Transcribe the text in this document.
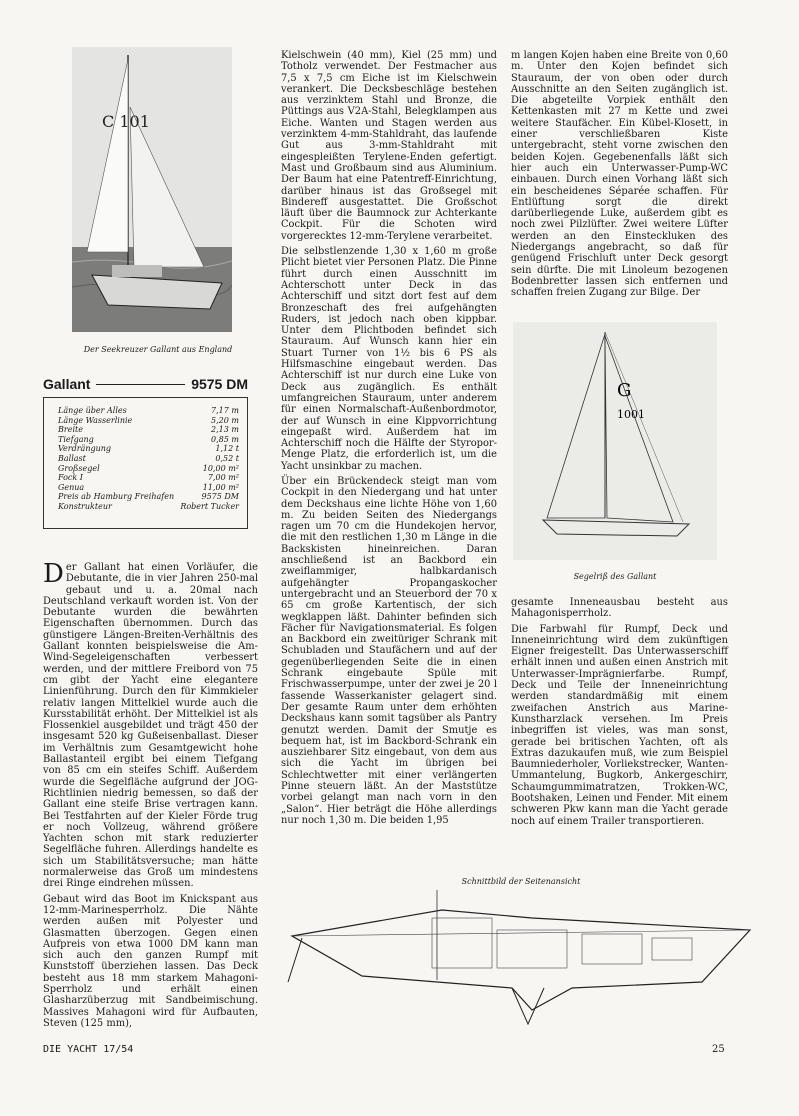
C 101
Der Seekreuzer Gallant aus England
Gallant	9575 DM
Länge über Alles	7,17 m
Länge Wasserlinie	5,20 m
Breite	2,13 m
Tiefgang	0,85 m
Verdrängung	1,12 t
Ballast	0,52 t
Großsegel	10,00 m²
Fock I	7,00 m²
Genua	11,00 m²
Preis ab Hamburg Freihafen	9575 DM
Konstrukteur	Robert Tucker

Der Gallant hat einen Vorläufer, die Debutante, die in vier Jahren 250-mal gebaut und u. a. 20mal nach Deutschland verkauft worden ist. Von der Debutante wurden die bewährten Eigenschaften übernommen. Durch das günstigere Längen-Breiten-Verhältnis des Gallant konnten beispielsweise die Am-Wind-Segeleigenschaften verbessert werden, und der mittlere Freibord von 75 cm gibt der Yacht eine elegantere Linienführung. Durch den für Kimmkieler relativ langen Mittelkiel wurde auch die Kursstabilität erhöht. Der Mittelkiel ist als Flossenkiel ausgebildet und trägt 450 der insgesamt 520 kg Gußeisenballast. Dieser im Verhältnis zum Gesamtgewicht hohe Ballastanteil ergibt bei einem Tiefgang von 85 cm ein steifes Schiff. Außerdem wurde die Segelfläche aufgrund der JOG-Richtlinien niedrig bemessen, so daß der Gallant eine steife Brise vertragen kann. Bei Testfahrten auf der Kieler Förde trug er noch Vollzeug, während größere Yachten schon mit stark reduzierter Segelfläche fuhren. Allerdings handelte es sich um Stabilitätsversuche; man hätte normalerweise das Groß um mindestens drei Ringe eindrehen müssen.

Gebaut wird das Boot im Knickspant aus 12-mm-Marinesperrholz. Die Nähte werden außen mit Polyester und Glasmatten überzogen. Gegen einen Aufpreis von etwa 1000 DM kann man sich auch den ganzen Rumpf mit Kunststoff überziehen lassen. Das Deck besteht aus 18 mm starkem Mahagoni-Sperrholz und erhält einen Glasharzüberzug mit Sandbeimischung. Massives Mahagoni wird für Aufbauten, Steven (125 mm),

Kielschwein (40 mm), Kiel (25 mm) und Totholz verwendet. Der Festmacher aus 7,5 x 7,5 cm Eiche ist im Kielschwein verankert. Die Decksbeschläge bestehen aus verzinktem Stahl und Bronze, die Püttings aus V2A-Stahl, Belegklampen aus Eiche. Wanten und Stagen werden aus verzinktem 4-mm-Stahldraht, das laufende Gut aus 3-mm-Stahldraht mit eingespleißten Terylene-Enden gefertigt. Mast und Großbaum sind aus Aluminium. Der Baum hat eine Patentreff-Einrichtung, darüber hinaus ist das Großsegel mit Bindereff ausgestattet. Die Großschot läuft über die Baumnock zur Achterkante Cockpit. Für die Schoten wird vorgerecktes 12-mm-Terylene verarbeitet.

Die selbstlenzende 1,30 x 1,60 m große Plicht bietet vier Personen Platz. Die Pinne führt durch einen Ausschnitt im Achterschott unter Deck in das Achterschiff und sitzt dort fest auf dem Bronzeschaft des frei aufgehängten Ruders, ist jedoch nach oben kippbar. Unter dem Plichtboden befindet sich Stauraum. Auf Wunsch kann hier ein Stuart Turner von 1½ bis 6 PS als Hilfsmaschine eingebaut werden. Das Achterschiff ist nur durch eine Luke von Deck aus zugänglich. Es enthält umfangreichen Stauraum, unter anderem für einen Normalschaft-Außenbordmotor, der auf Wunsch in eine Kippvorrichtung eingepaßt wird. Außerdem hat im Achterschiff noch die Hälfte der Styropor-Menge Platz, die erforderlich ist, um die Yacht unsinkbar zu machen.

Über ein Brückendeck steigt man vom Cockpit in den Niedergang und hat unter dem Deckshaus eine lichte Höhe von 1,60 m. Zu beiden Seiten des Niedergangs ragen um 70 cm die Hundekojen hervor, die mit den restlichen 1,30 m Länge in die Backskisten hineinreichen. Daran anschließend ist an Backbord ein zweiflammiger, halbkardanisch aufgehängter Propangaskocher untergebracht und an Steuerbord der 70 x 65 cm große Kartentisch, der sich wegklappen läßt. Dahinter befinden sich Fächer für Navigationsmaterial. Es folgen an Backbord ein zweitüriger Schrank mit Schubladen und Staufächern und auf der gegenüberliegenden Seite die in einen Schrank eingebaute Spüle mit Frischwasserpumpe, unter der zwei je 20 l fassende Wasserkanister gelagert sind. Der gesamte Raum unter dem erhöhten Deckshaus kann somit tagsüber als Pantry genutzt werden. Damit der Smutje es bequem hat, ist im Backbord-Schrank ein ausziehbarer Sitz eingebaut, von dem aus sich die Yacht im übrigen bei Schlechtwetter mit einer verlängerten Pinne steuern läßt. An der Maststütze vorbei gelangt man nach vorn in den „Salon“. Hier beträgt die Höhe allerdings nur noch 1,30 m. Die beiden 1,95

m langen Kojen haben eine Breite von 0,60 m. Unter den Kojen befindet sich Stauraum, der von oben oder durch Ausschnitte an den Seiten zugänglich ist. Die abgeteilte Vorpiek enthält den Kettenkasten mit 27 m Kette und zwei weitere Staufächer. Ein Kübel-Klosett, in einer verschließbaren Kiste untergebracht, steht vorne zwischen den beiden Kojen. Gegebenenfalls läßt sich hier auch ein Unterwasser-Pump-WC einbauen. Durch einen Vorhang läßt sich ein bescheidenes Séparée schaffen. Für Entlüftung sorgt die direkt darüberliegende Luke, außerdem gibt es noch zwei Pilzlüfter. Zwei weitere Lüfter werden an den Einsteckluken des Niedergangs angebracht, so daß für genügend Frischluft unter Deck gesorgt sein dürfte. Die mit Linoleum bezogenen Bodenbretter lassen sich entfernen und schaffen freien Zugang zur Bilge. Der

G
1001
Segelriß des Gallant

gesamte Inneneausbau besteht aus Mahagonisperrholz.

Die Farbwahl für Rumpf, Deck und Inneneinrichtung wird dem zukünftigen Eigner freigestellt. Das Unterwasserschiff erhält innen und außen einen Anstrich mit Unterwasser-Imprägnierfarbe. Rumpf, Deck und Teile der Inneneinrichtung werden standardmäßig mit einem zweifachen Anstrich aus Marine-Kunstharzlack versehen. Im Preis inbegriffen ist vieles, was man sonst, gerade bei britischen Yachten, oft als Extras dazukaufen muß, wie zum Beispiel Baumniederholer, Vorliekstrecker, Wanten-Ummantelung, Bugkorb, Ankergeschirr, Schaumgummimatratzen, Trokken-WC, Bootshaken, Leinen und Fender. Mit einem schweren Pkw kann man die Yacht gerade noch auf einem Trailer transportieren.

Schnittbild der Seitenansicht
DIE YACHT 17/54	25
